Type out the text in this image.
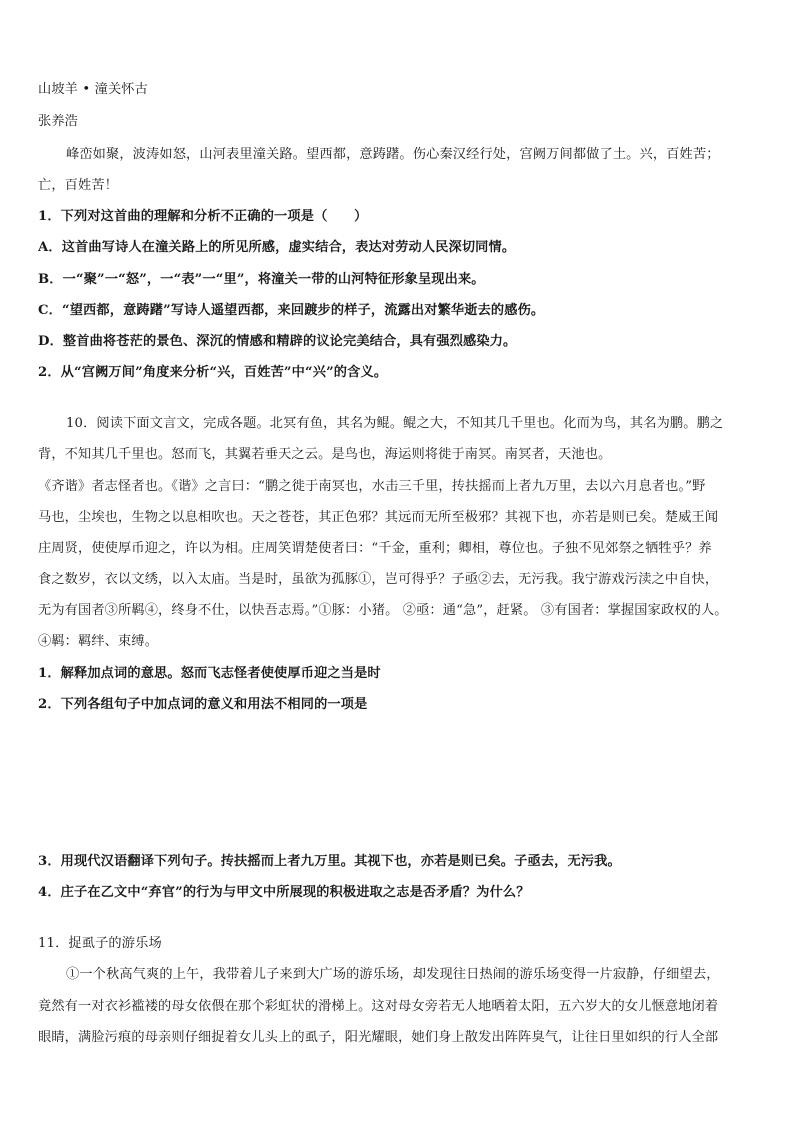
山坡羊 • 潼关怀古
张养浩
峰峦如聚，波涛如怒，山河表里潼关路。望西都，意踌躇。伤心秦汉经行处，宫阙万间都做了土。兴，百姓苦；
亡，百姓苦！
1．下列对这首曲的理解和分析不正确的一项是（　　）
A．这首曲写诗人在潼关路上的所见所感，虚实结合，表达对劳动人民深切同情。
B．一“聚”一“怒”，一“表”一“里”，将潼关一带的山河特征形象呈现出来。
C．“望西都，意踌躇”写诗人遥望西都，来回踱步的样子，流露出对繁华逝去的感伤。
D．整首曲将苍茫的景色、深沉的情感和精辟的议论完美结合，具有强烈感染力。
2．从“宫阙万间”角度来分析“兴，百姓苦”中“兴”的含义。
10．阅读下面文言文，完成各题。北冥有鱼，其名为鲲。鲲之大，不知其几千里也。化而为鸟，其名为鹏。鹏之
背，不知其几千里也。怒而飞，其翼若垂天之云。是鸟也，海运则将徙于南冥。南冥者，天池也。
《齐谐》者志怪者也。《谐》之言曰：“鹏之徙于南冥也，水击三千里，抟扶摇而上者九万里，去以六月息者也。”野
马也，尘埃也，生物之以息相吹也。天之苍苍，其正色邪？其远而无所至极邪？其视下也，亦若是则已矣。楚威王闻
庄周贤，使使厚币迎之，许以为相。庄周笑谓楚使者曰：“千金，重利；卿相，尊位也。子独不见郊祭之牺牲乎？养
食之数岁，衣以文绣，以入太庙。当是时，虽欲为孤豚①，岂可得乎？子亟②去，无污我。我宁游戏污渎之中自快，
无为有国者③所羁④，终身不仕，以快吾志焉。”①豚：小猪。 ②亟：通“急”，赶紧。 ③有国者：掌握国家政权的人。
④羁：羁绊、束缚。
1．解释加点词的意思。怒而飞志怪者使使厚币迎之当是时
2．下列各组句子中加点词的意义和用法不相同的一项是
3．用现代汉语翻译下列句子。抟扶摇而上者九万里。其视下也，亦若是则已矣。子亟去，无污我。
4．庄子在乙文中“弃官”的行为与甲文中所展现的积极进取之志是否矛盾？为什么？
11．捉虱子的游乐场
①一个秋高气爽的上午，我带着儿子来到大广场的游乐场，却发现往日热闹的游乐场变得一片寂静，仔细望去，
竟然有一对衣衫褴褛的母女依偎在那个彩虹状的滑梯上。这对母女旁若无人地晒着太阳，五六岁大的女儿惬意地闭着
眼睛，满脸污痕的母亲则仔细捉着女儿头上的虱子，阳光耀眼，她们身上散发出阵阵臭气，让往日里如织的行人全部
